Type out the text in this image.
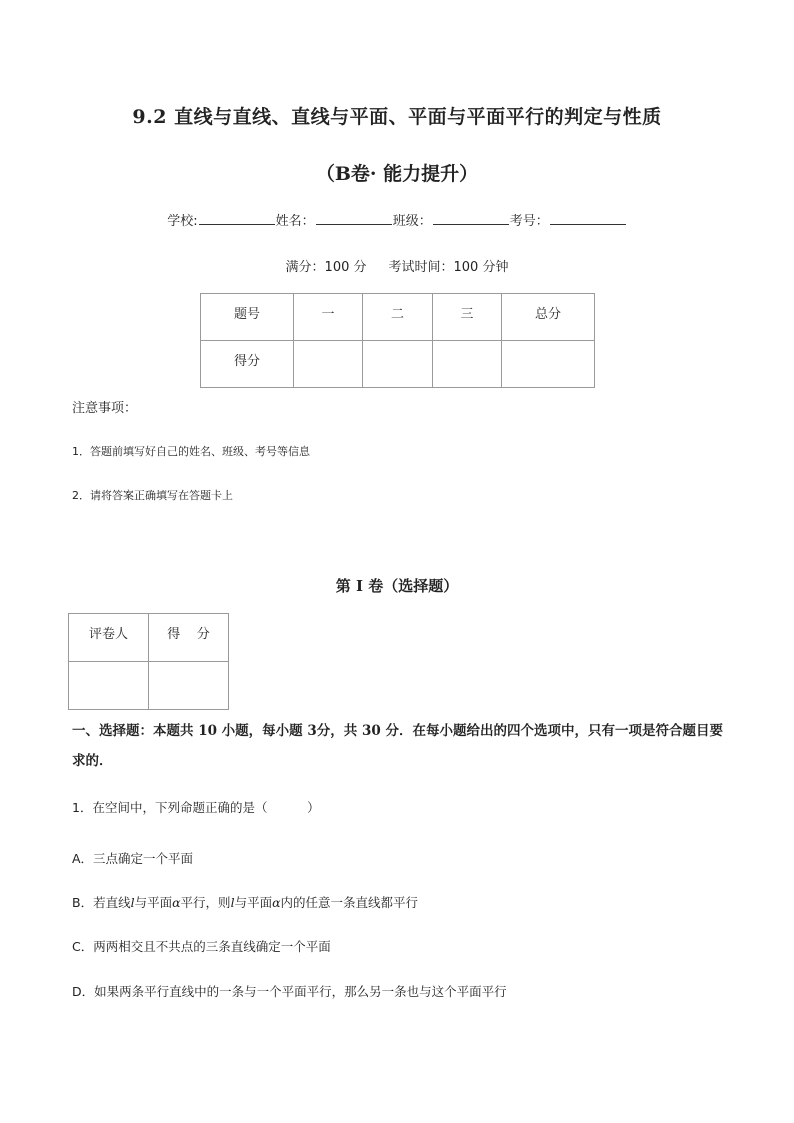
9.2 直线与直线、直线与平面、平面与平面平行的判定与性质
（B卷· 能力提升）
学校:	姓名：	班级：	考号：
满分：100 分 考试时间：100 分钟
题号	一	二	三	总分
得分				
注意事项：
1．答题前填写好自己的姓名、班级、考号等信息
2．请将答案正确填写在答题卡上
第 I 卷（选择题）
评卷人	得    分

一、选择题：本题共 10 小题，每小题 3分，共 30 分．在每小题给出的四个选项中，只有一项是符合题目要求的．
1．在空间中，下列命题正确的是（          ）
A．三点确定一个平面
B．若直线l与平面α平行，则l与平面α内的任意一条直线都平行
C．两两相交且不共点的三条直线确定一个平面
D．如果两条平行直线中的一条与一个平面平行，那么另一条也与这个平面平行
